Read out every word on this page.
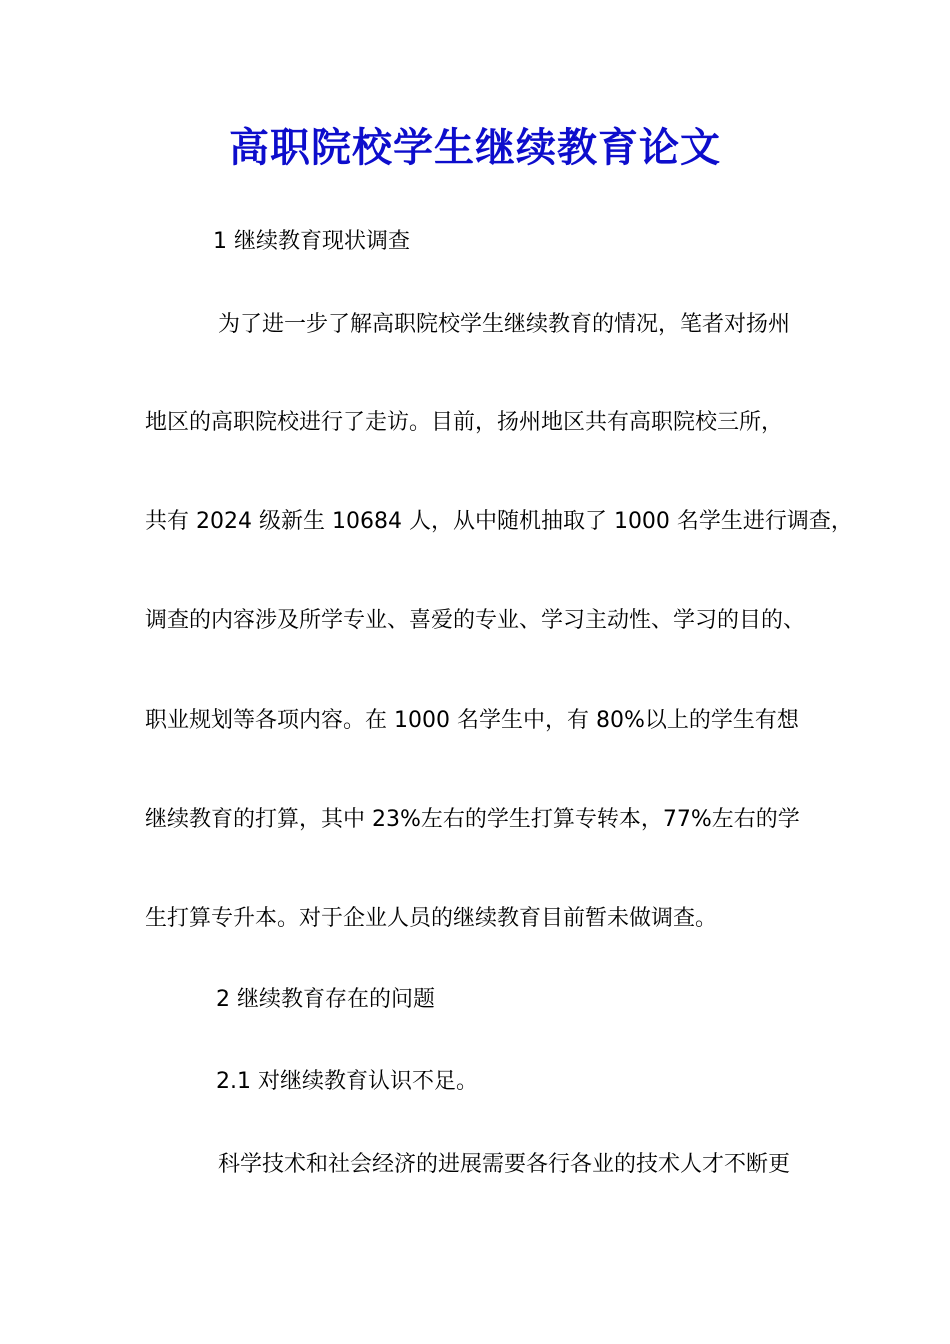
高职院校学生继续教育论文
1 继续教育现状调查
为了进一步了解高职院校学生继续教育的情况，笔者对扬州
地区的高职院校进行了走访。目前，扬州地区共有高职院校三所，
共有 2024 级新生 10684 人，从中随机抽取了 1000 名学生进行调查，
调查的内容涉及所学专业、喜爱的专业、学习主动性、学习的目的、
职业规划等各项内容。在 1000 名学生中，有 80%以上的学生有想
继续教育的打算，其中 23%左右的学生打算专转本，77%左右的学
生打算专升本。对于企业人员的继续教育目前暂未做调查。
2 继续教育存在的问题
2.1 对继续教育认识不足。
科学技术和社会经济的进展需要各行各业的技术人才不断更
